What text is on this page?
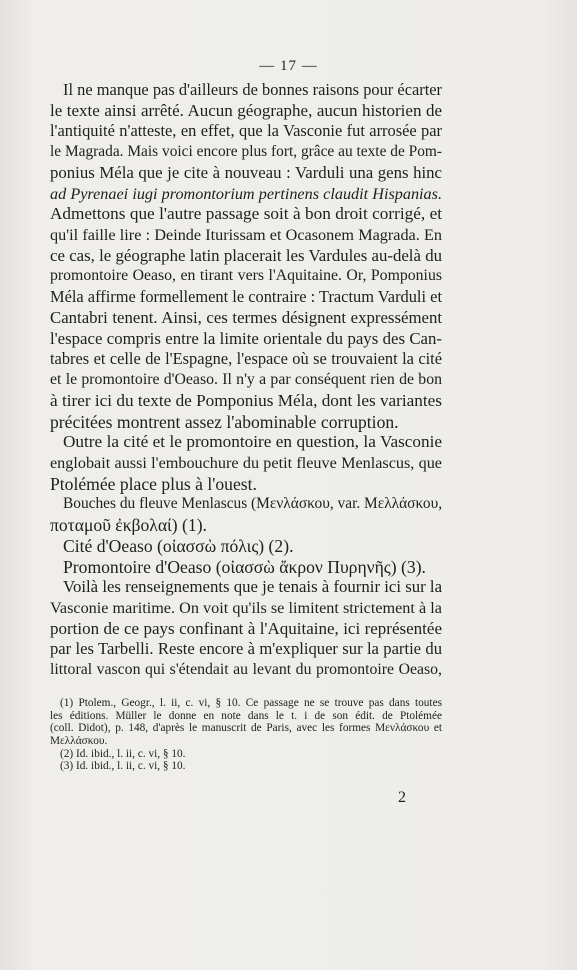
— 17 —
Il ne manque pas d'ailleurs de bonnes raisons pour écarter
le texte ainsi arrêté. Aucun géographe, aucun historien de
l'antiquité n'atteste, en effet, que la Vasconie fut arrosée par
le Magrada. Mais voici encore plus fort, grâce au texte de Pom-
ponius Méla que je cite à nouveau : Varduli una gens hinc
ad Pyrenaei iugi promontorium pertinens claudit Hispanias.
Admettons que l'autre passage soit à bon droit corrigé, et
qu'il faille lire : Deinde Iturissam et Ocasonem Magrada. En
ce cas, le géographe latin placerait les Vardules au-delà du
promontoire Oeaso, en tirant vers l'Aquitaine. Or, Pomponius
Méla affirme formellement le contraire : Tractum Varduli et
Cantabri tenent. Ainsi, ces termes désignent expressément
l'espace compris entre la limite orientale du pays des Can-
tabres et celle de l'Espagne, l'espace où se trouvaient la cité
et le promontoire d'Oeaso. Il n'y a par conséquent rien de bon
à tirer ici du texte de Pomponius Méla, dont les variantes
précitées montrent assez l'abominable corruption.
Outre la cité et le promontoire en question, la Vasconie
englobait aussi l'embouchure du petit fleuve Menlascus, que
Ptolémée place plus à l'ouest.
Bouches du fleuve Menlascus (Μενλάσκου, var. Μελλάσκου,
ποταμοῦ ἐκβολαί) (1).
Cité d'Oeaso (οἰασσὼ πόλις) (2).
Promontoire d'Oeaso (οἰασσὼ ἄκρον Πυρηνῆς) (3).
Voilà les renseignements que je tenais à fournir ici sur la
Vasconie maritime. On voit qu'ils se limitent strictement à la
portion de ce pays confinant à l'Aquitaine, ici représentée
par les Tarbelli. Reste encore à m'expliquer sur la partie du
littoral vascon qui s'étendait au levant du promontoire Oeaso,
(1) Ptolem., Geogr., l. ii, c. vi, § 10. Ce passage ne se trouve pas dans toutes
les éditions. Müller le donne en note dans le t. i de son édit. de Ptolémée
(coll. Didot), p. 148, d'après le manuscrit de Paris, avec les formes Μενλάσκου et
Μελλάσκου.
(2) Id. ibid., l. ii, c. vi, § 10.
(3) Id. ibid., l. ii, c. vi, § 10.
2
